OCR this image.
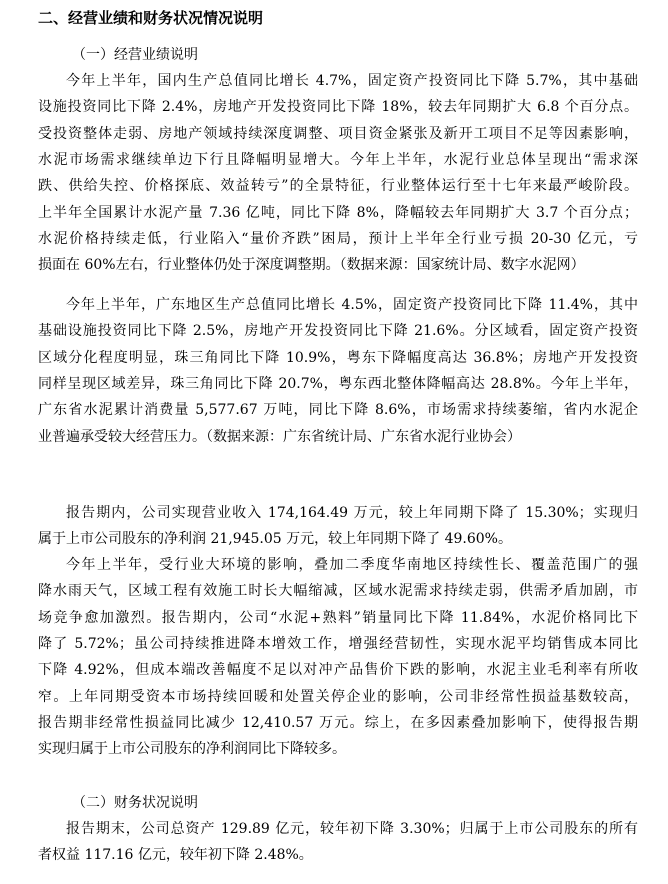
二、经营业绩和财务状况情况说明
（一）经营业绩说明
今年上半年，国内生产总值同比增长 4.7%，固定资产投资同比下降 5.7%，其中基础
设施投资同比下降 2.4%，房地产开发投资同比下降 18%，较去年同期扩大 6.8 个百分点。
受投资整体走弱、房地产领域持续深度调整、项目资金紧张及新开工项目不足等因素影响，
水泥市场需求继续单边下行且降幅明显增大。今年上半年，水泥行业总体呈现出“需求深
跌、供给失控、价格探底、效益转亏”的全景特征，行业整体运行至十七年来最严峻阶段。
上半年全国累计水泥产量 7.36 亿吨，同比下降 8%，降幅较去年同期扩大 3.7 个百分点；
水泥价格持续走低，行业陷入“量价齐跌”困局，预计上半年全行业亏损 20-30 亿元，亏
损面在 60%左右，行业整体仍处于深度调整期。（数据来源：国家统计局、数字水泥网）
今年上半年，广东地区生产总值同比增长 4.5%，固定资产投资同比下降 11.4%，其中
基础设施投资同比下降 2.5%，房地产开发投资同比下降 21.6%。分区域看，固定资产投资
区域分化程度明显，珠三角同比下降 10.9%，粤东下降幅度高达 36.8%；房地产开发投资
同样呈现区域差异，珠三角同比下降 20.7%，粤东西北整体降幅高达 28.8%。今年上半年，
广东省水泥累计消费量 5,577.67 万吨，同比下降 8.6%，市场需求持续萎缩，省内水泥企
业普遍承受较大经营压力。（数据来源：广东省统计局、广东省水泥行业协会）
报告期内，公司实现营业收入 174,164.49 万元，较上年同期下降了 15.30%；实现归
属于上市公司股东的净利润 21,945.05 万元，较上年同期下降了 49.60%。
今年上半年，受行业大环境的影响，叠加二季度华南地区持续性长、覆盖范围广的强
降水雨天气，区域工程有效施工时长大幅缩减，区域水泥需求持续走弱，供需矛盾加剧，市
场竞争愈加激烈。报告期内，公司“水泥+熟料”销量同比下降 11.84%，水泥价格同比下
降了 5.72%；虽公司持续推进降本增效工作，增强经营韧性，实现水泥平均销售成本同比
下降 4.92%，但成本端改善幅度不足以对冲产品售价下跌的影响，水泥主业毛利率有所收
窄。上年同期受资本市场持续回暖和处置关停企业的影响，公司非经常性损益基数较高，
报告期非经常性损益同比减少 12,410.57 万元。综上，在多因素叠加影响下，使得报告期
实现归属于上市公司股东的净利润同比下降较多。
（二）财务状况说明
报告期末，公司总资产 129.89 亿元，较年初下降 3.30%；归属于上市公司股东的所有
者权益 117.16 亿元，较年初下降 2.48%。
